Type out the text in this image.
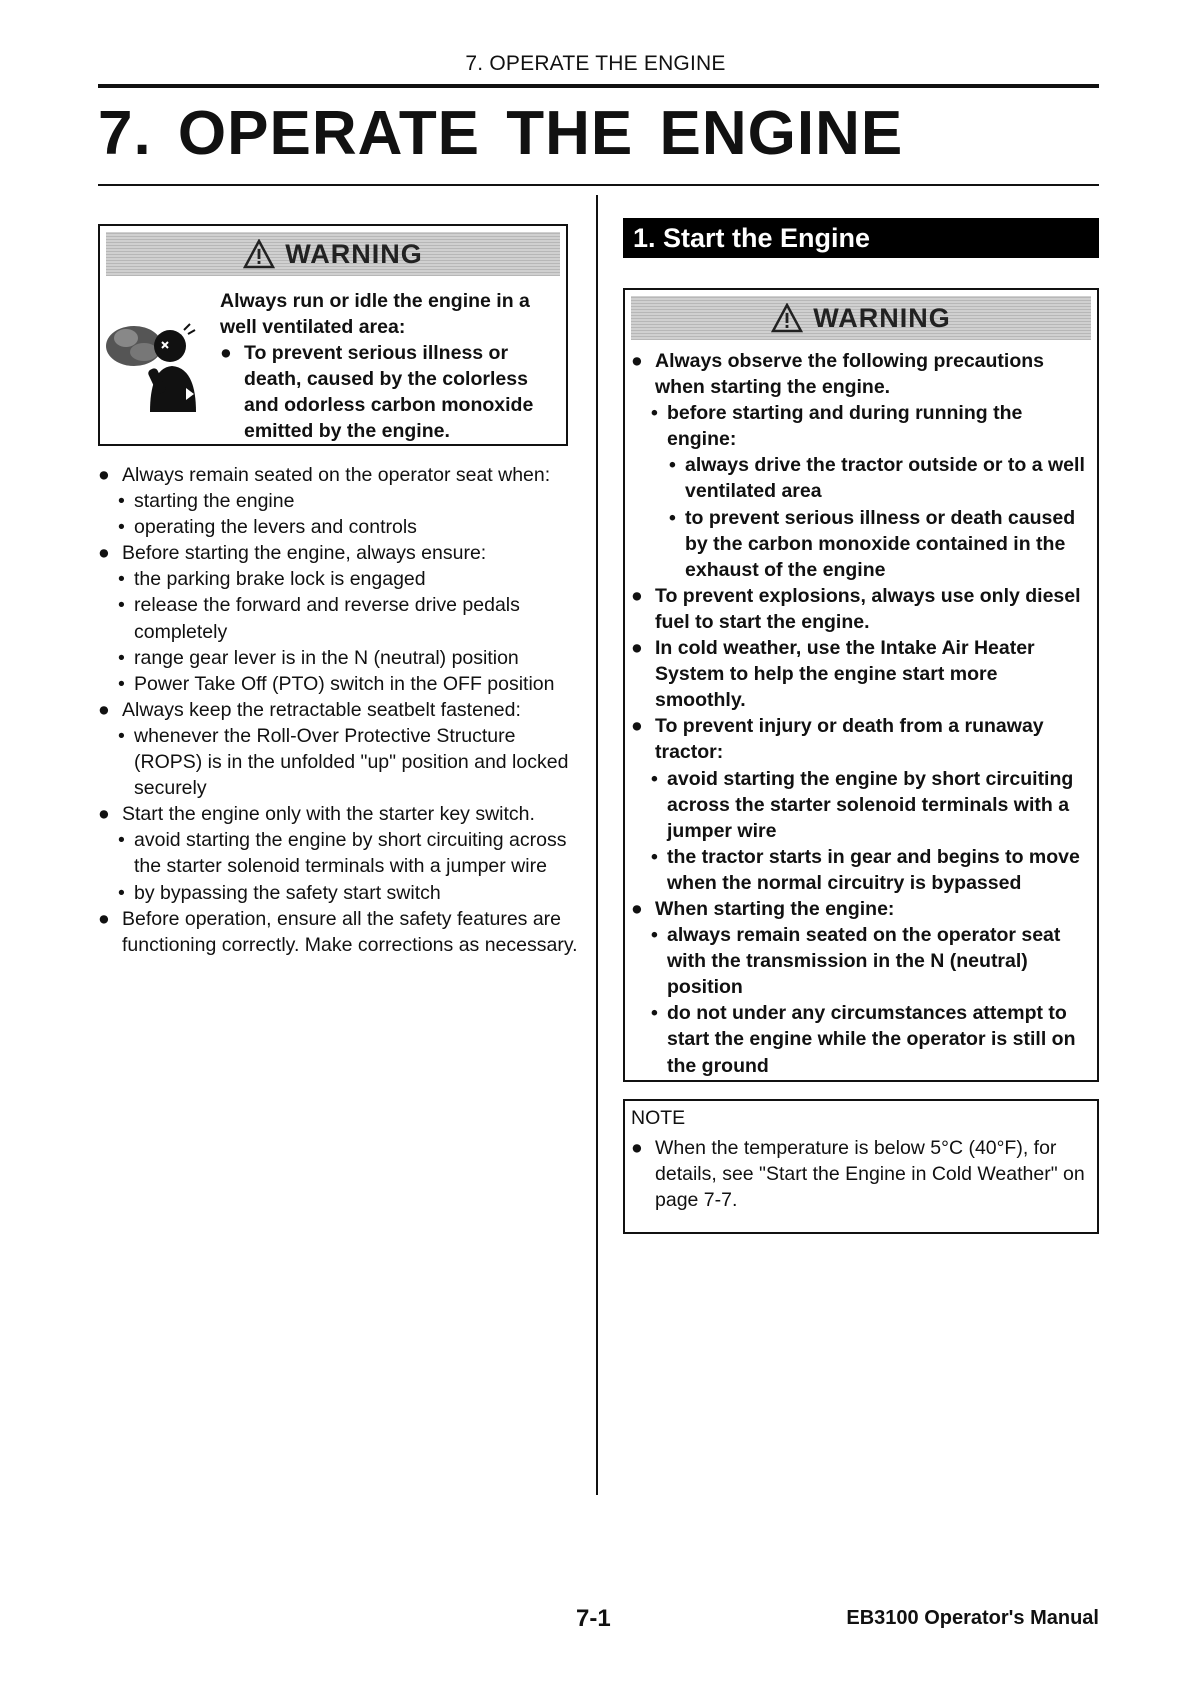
7. OPERATE THE ENGINE
7. OPERATE THE ENGINE
WARNING
Always run or idle the engine in a well ventilated area:
● To prevent serious illness or death, caused by the colorless and odorless carbon monoxide emitted by the engine.
● Always remain seated on the operator seat when:
• starting the engine
• operating the levers and controls
● Before starting the engine, always ensure:
• the parking brake lock is engaged
• release the forward and reverse drive pedals completely
• range gear lever is in the N (neutral) position
• Power Take Off (PTO) switch in the OFF position
● Always keep the retractable seatbelt fastened:
• whenever the Roll-Over Protective Structure (ROPS) is in the unfolded "up" position and locked securely
● Start the engine only with the starter key switch.
• avoid starting the engine by short circuiting across the starter solenoid terminals with a jumper wire
• by bypassing the safety start switch
● Before operation, ensure all the safety features are functioning correctly. Make corrections as necessary.
1. Start the Engine
WARNING
● Always observe the following precautions when starting the engine.
• before starting and during running the engine:
• always drive the tractor outside or to a well ventilated area
• to prevent serious illness or death caused by the carbon monoxide contained in the exhaust of the engine
● To prevent explosions, always use only diesel fuel to start the engine.
● In cold weather, use the Intake Air Heater System to help the engine start more smoothly.
● To prevent injury or death from a runaway tractor:
• avoid starting the engine by short circuiting across the starter solenoid terminals with a jumper wire
• the tractor starts in gear and begins to move when the normal circuitry is bypassed
● When starting the engine:
• always remain seated on the operator seat with the transmission in the N (neutral) position
• do not under any circumstances attempt to start the engine while the operator is still on the ground
NOTE
● When the temperature is below 5°C (40°F), for details, see "Start the Engine in Cold Weather" on page 7-7.
7-1	EB3100 Operator's Manual
